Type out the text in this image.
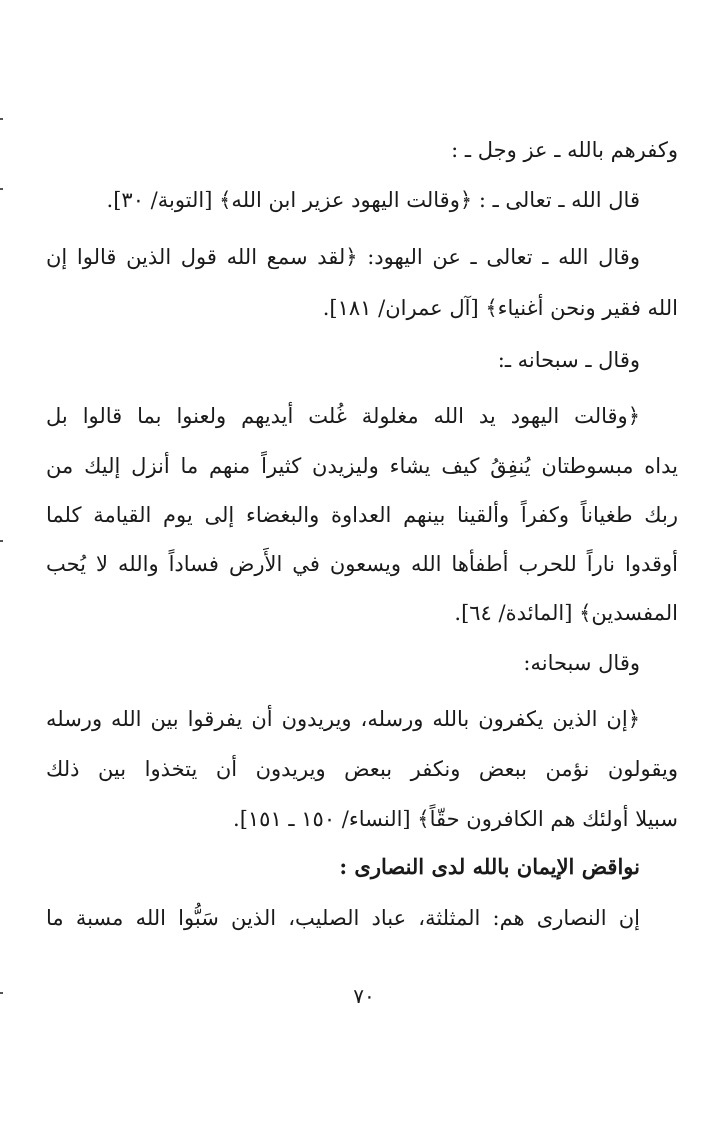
وكفرهم بالله ـ عز وجل ـ :
قال الله ـ تعالى ـ : ﴿وقالت اليهود عزير ابن الله﴾ [التوبة/ ٣٠].
وقال الله ـ تعالى ـ عن اليهود: ﴿لقد سمع الله قول الذين قالوا إن
الله فقير ونحن أغنياء﴾ [آل عمران/ ١٨١].
وقال ـ سبحانه ـ:
﴿وقالت اليهود يد الله مغلولة غُلت أيديهم ولعنوا بما قالوا بل
يداه مبسوطتان يُنفِقُ كيف يشاء وليزيدن كثيراً منهم ما أنزل إليك من
ربك طغياناً وكفراً وألقينا بينهم العداوة والبغضاء إلى يوم القيامة كلما
أوقدوا ناراً للحرب أطفأها الله ويسعون في الأَرض فساداً والله لا يُحب
المفسدين﴾ [المائدة/ ٦٤].
وقال سبحانه:
﴿إن الذين يكفرون بالله ورسله، ويريدون أن يفرقوا بين الله ورسله
ويقولون نؤمن ببعض ونكفر ببعض ويريدون أن يتخذوا بين ذلك
سبيلا أولئك هم الكافرون حقّاً﴾ [النساء/ ١٥٠ ـ ١٥١].
نواقض الإيمان بالله لدى النصارى :
إن النصارى هم: المثلثة، عباد الصليب، الذين سَبُّوا الله مسبة ما
٧٠
